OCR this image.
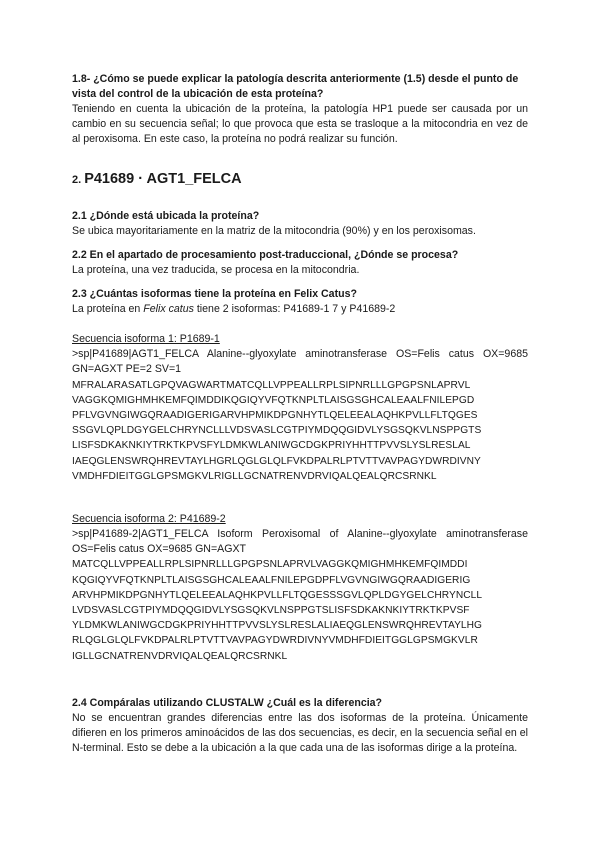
1.8- ¿Cómo se puede explicar la patología descrita anteriormente (1.5) desde el punto de vista del control de la ubicación de esta proteína?

Teniendo en cuenta la ubicación de la proteína, la patología HP1 puede ser causada por un cambio en su secuencia señal; lo que provoca que esta se trasloque a la mitocondria en vez de al peroxisoma. En este caso, la proteína no podrá realizar su función.

2. P41689 · AGT1_FELCA

2.1 ¿Dónde está ubicada la proteína?

Se ubica mayoritariamente en la matriz de la mitocondria (90%) y en los peroxisomas.

2.2 En el apartado de procesamiento post-traduccional, ¿Dónde se procesa?

La proteína, una vez traducida, se procesa en la mitocondria.

2.3 ¿Cuántas isoformas tiene la proteína en Felix Catus?

La proteína en Felix catus tiene 2 isoformas: P41689-1 7 y P41689-2

Secuencia isoforma 1: P1689-1

>sp|P41689|AGT1_FELCA Alanine--glyoxylate aminotransferase OS=Felis catus OX=9685

GN=AGXT PE=2 SV=1

MFRALARASATLGPQVAGWARTMATCQLLVPPEALLRPLSIPNRLLLGPGPSNLAPRVL

VAGGKQMIGHMHKEMFQIMDDIKQGIQYVFQTKNPLTLAISGSGHCALEAALFNILEPGD

PFLVGVNGIWGQRAADIGERIGARVHPMIKDPGNHYTLQELEEALAQHKPVLLFLTQGES

SSGVLQPLDGYGELCHRYNCLLLVDSVASLCGTPIYMDQQGIDVLYSGSQKVLNSPPGTS

LISFSDKAKNKIYTRKTKPVSFYLDMKWLANIWGCDGKPRIYHHTTPVVSLYSLRESLAL

IAEQGLENSWRQHREVTAYLHGRLQGLGLQLFVKDPALRLPTVTTVAVPAGYDWRDIVNY

VMDHFDIEITGGLGPSMGKVLRIGLLGCNATRENVDRVIQALQEALQRCSRNKL

Secuencia isoforma 2: P41689-2

>sp|P41689-2|AGT1_FELCA Isoform Peroxisomal of Alanine--glyoxylate aminotransferase

OS=Felis catus OX=9685 GN=AGXT

MATCQLLVPPEALLRPLSIPNRLLLGPGPSNLAPRVLVAGGKQMIGHMHKEMFQIMDDI

KQGIQYVFQTKNPLTLAISGSGHCALEAALFNILEPGDPFLVGVNGIWGQRAADIGERIG

ARVHPMIKDPGNHYTLQELEEALAQHKPVLLFLTQGESSSGVLQPLDGYGELCHRYNCLL

LVDSVASLCGTPIYMDQQGIDVLYSGSQKVLNSPPGTSLISFSDKAKNKIYTRKTKPVSF

YLDMKWLANIWGCDGKPRIYHHTTPVVSLYSLRESLALIAEQGLENSWRQHREVTAYLHG

RLQGLGLQLFVKDPALRLPTVTTVAVPAGYDWRDIVNYVMDHFDIEITGGLGPSMGKVLR

IGLLGCNATRENVDRVIQALQEALQRCSRNKL

2.4 Compáralas utilizando CLUSTALW ¿Cuál es la diferencia?

No se encuentran grandes diferencias entre las dos isoformas de la proteína. Únicamente difieren en los primeros aminoácidos de las dos secuencias, es decir, en la secuencia señal en el N-terminal. Esto se debe a la ubicación a la que cada una de las isoformas dirige a la proteína.
